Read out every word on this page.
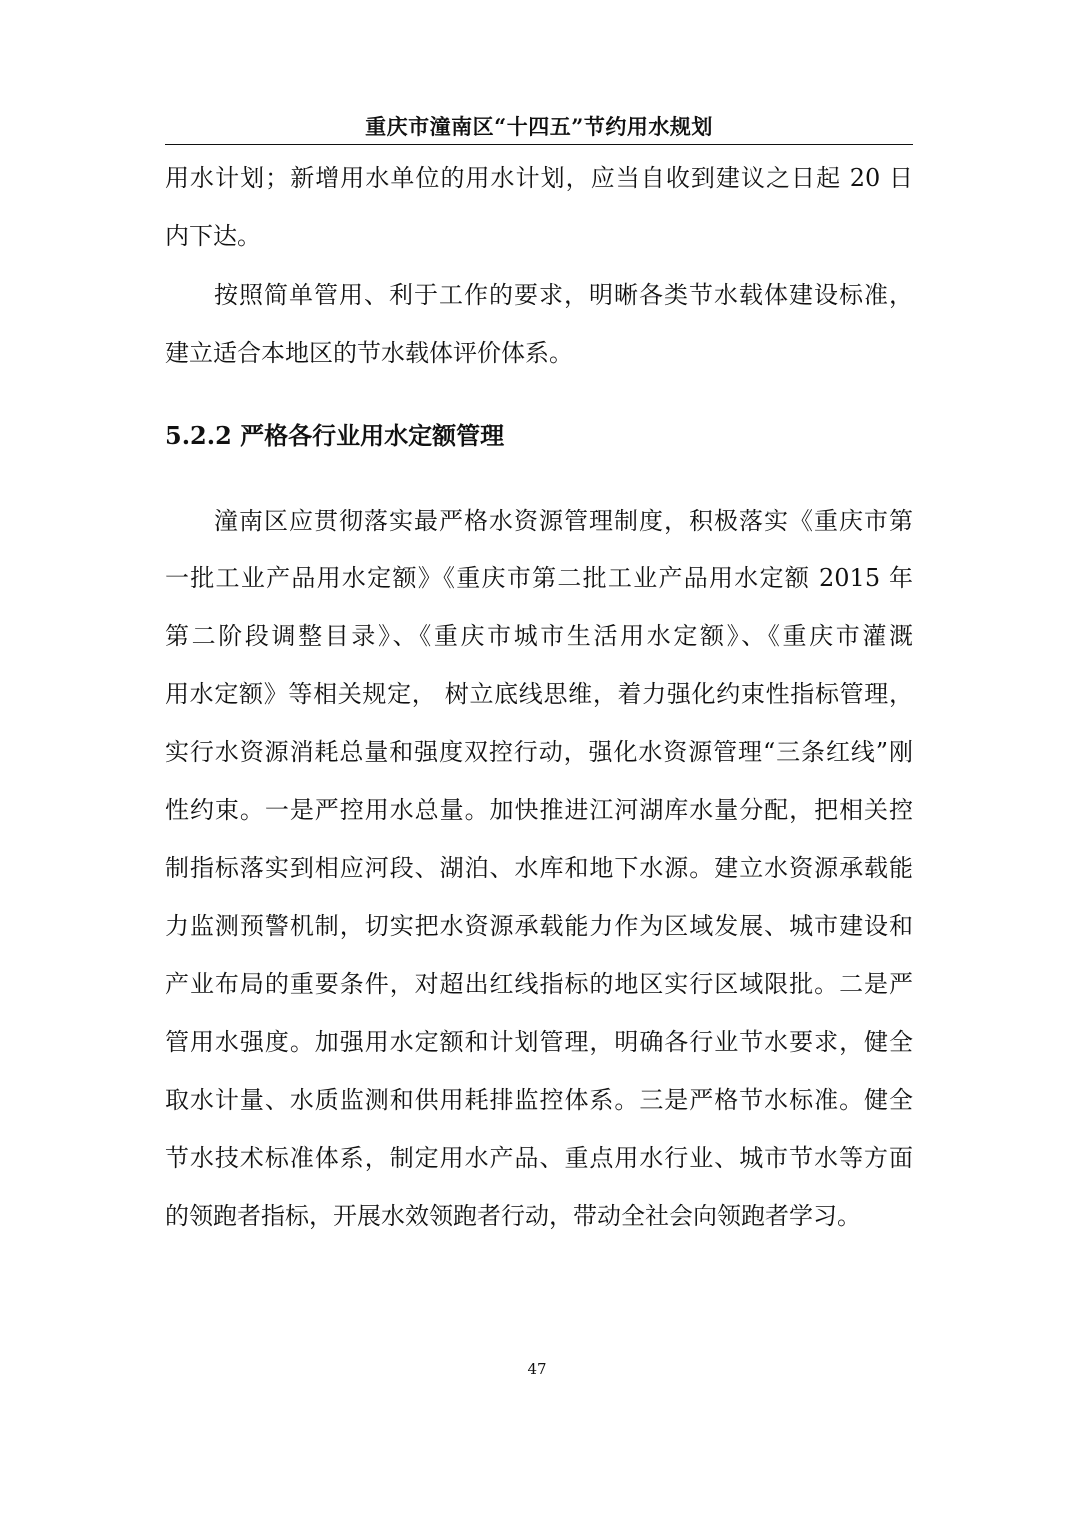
重庆市潼南区“十四五”节约用水规划
用水计划；新增用水单位的用水计划，应当自收到建议之日起 20 日
内下达。
按照简单管用、利于工作的要求，明晰各类节水载体建设标准，
建立适合本地区的节水载体评价体系。
5.2.2 严格各行业用水定额管理
潼南区应贯彻落实最严格水资源管理制度，积极落实《重庆市第
一批工业产品用水定额》《重庆市第二批工业产品用水定额 2015 年
第二阶段调整目录》、《重庆市城市生活用水定额》、《重庆市灌溉
用水定额》等相关规定， 树立底线思维，着力强化约束性指标管理，
实行水资源消耗总量和强度双控行动，强化水资源管理“三条红线”刚
性约束。一是严控用水总量。加快推进江河湖库水量分配，把相关控
制指标落实到相应河段、湖泊、水库和地下水源。建立水资源承载能
力监测预警机制，切实把水资源承载能力作为区域发展、城市建设和
产业布局的重要条件，对超出红线指标的地区实行区域限批。二是严
管用水强度。加强用水定额和计划管理，明确各行业节水要求，健全
取水计量、水质监测和供用耗排监控体系。三是严格节水标准。健全
节水技术标准体系，制定用水产品、重点用水行业、城市节水等方面
的领跑者指标，开展水效领跑者行动，带动全社会向领跑者学习。
47
